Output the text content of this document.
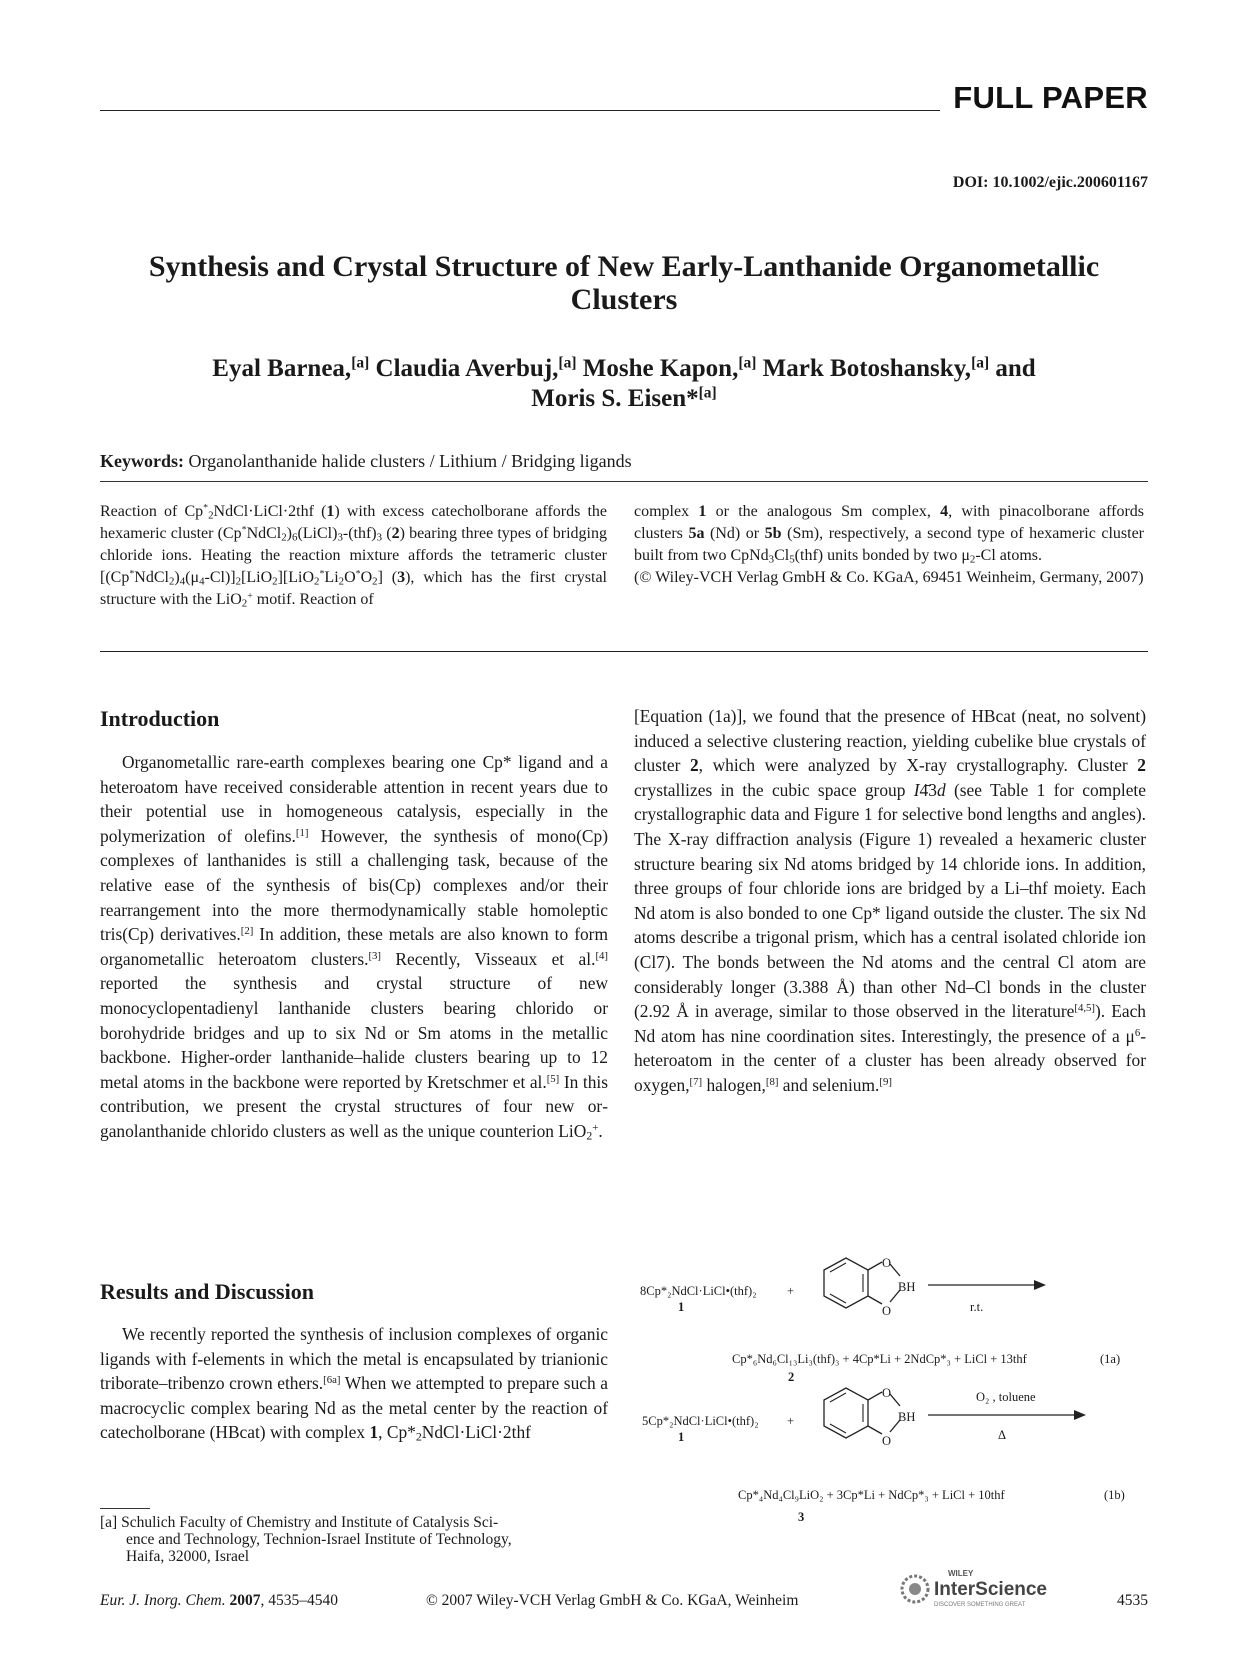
FULL PAPER
DOI: 10.1002/ejic.200601167
Synthesis and Crystal Structure of New Early-Lanthanide Organometallic Clusters
Eyal Barnea,[a] Claudia Averbuj,[a] Moshe Kapon,[a] Mark Botoshansky,[a] and
Moris S. Eisen*[a]
Keywords: Organolanthanide halide clusters / Lithium / Bridging ligands
Reaction of $Cp^*_2NdCl\cdot LiCl\cdot 2thf$ (1) with excess catecholborane affords the hexameric cluster $(Cp^*NdCl_2)_6(LiCl)_3-(thf)_3$ (2) bearing three types of bridging chloride ions. Heating the reaction mixture affords the tetrameric cluster $[(Cp^*NdCl_2)_4(\mu_4-Cl)]_2[LiO_2][LiO_2^*Li_2O^*O_2]$ (3), which has the first crystal structure with the LiO$_2$+ motif. Reaction of
complex 1 or the analogous Sm complex, 4, with pinacolborane affords clusters 5a (Nd) or 5b (Sm), respectively, a second type of hexameric cluster built from two $CpNd_3Cl_5(thf)$ units bonded by two $\mu_2-Cl$ atoms.
(© Wiley-VCH Verlag GmbH & Co. KGaA, 69451 Weinheim, Germany, 2007)
Introduction

Organometallic rare-earth complexes bearing one Cp* ligand and a heteroatom have received considerable attention in recent years due to their potential use in homogeneous catalysis, especially in the polymerization of olefins.[1] However, the synthesis of mono(Cp) complexes of lanthanides is still a challenging task, because of the relative ease of the synthesis of bis(Cp) complexes and/or their rearrangement into the more thermodynamically stable homoleptic tris(Cp) derivatives.[2] In addition, these metals are also known to form organometallic heteroatom clusters.[3] Recently, Visseaux et al.[4] reported the synthesis and crystal structure of new monocyclopentadienyl lanthanide clusters bearing chlorido or borohydride bridges and up to six Nd or Sm atoms in the metallic backbone. Higher-order lanthanide–halide clusters bearing up to 12 metal atoms in the backbone were reported by Kretschmer et al.[5] In this contribution, we present the crystal structures of four new organolanthanide chlorido clusters as well as the unique counterion LiO$_2$+.

Results and Discussion

We recently reported the synthesis of inclusion complexes of organic ligands with f-elements in which the metal is encapsulated by trianionic triborate–tribenzo crown ethers.[6a] When we attempted to prepare such a macrocyclic complex bearing Nd as the metal center by the reaction of catecholborane (HBcat) with complex 1, $Cp*_2NdCl\cdot LiCl\cdot 2thf$

[Equation (1a)], we found that the presence of HBcat (neat, no solvent) induced a selective clustering reaction, yielding cubelike blue crystals of cluster 2, which were analyzed by X-ray crystallography. Cluster 2 crystallizes in the cubic space group I4̄3d (see Table 1 for complete crystallographic data and Figure 1 for selective bond lengths and angles). The X-ray diffraction analysis (Figure 1) revealed a hexameric cluster structure bearing six Nd atoms bridged by 14 chloride ions. In addition, three groups of four chloride ions are bridged by a Li–thf moiety. Each Nd atom is also bonded to one Cp* ligand outside the cluster. The six Nd atoms describe a trigonal prism, which has a central isolated chloride ion (Cl7). The bonds between the Nd atoms and the central Cl atom are considerably longer (3.388 Å) than other Nd–Cl bonds in the cluster (2.92 Å in average, similar to those observed in the literature[4,5]). Each Nd atom has nine coordination sites. Interestingly, the presence of a $\mu^6$-heteroatom in the center of a cluster has been already observed for oxygen,[7] halogen,[8] and selenium.[9]

8Cp*₂NdCl·LiCl•(thf)₂
1
+
O
O
BH
r.t.
Cp*₆Nd₆Cl₁₃Li₃(thf)₃ + 4Cp*Li + 2NdCp*₃ + LiCl + 13thf
2
(1a)
5Cp*₂NdCl·LiCl•(thf)₂
1
+
O
O
BH
O₂ , toluene
Δ
Cp*₄Nd₄Cl₉LiO₂ + 3Cp*Li + NdCp*₃ + LiCl + 10thf
3
(1b)
[a] Schulich Faculty of Chemistry and Institute of Catalysis Sci-
ence and Technology, Technion-Israel Institute of Technology,
Haifa, 32000, Israel
Eur. J. Inorg. Chem. 2007, 4535–4540	© 2007 Wiley-VCH Verlag GmbH & Co. KGaA, Weinheim
WILEY
InterScience
DISCOVER SOMETHING GREAT	4535
